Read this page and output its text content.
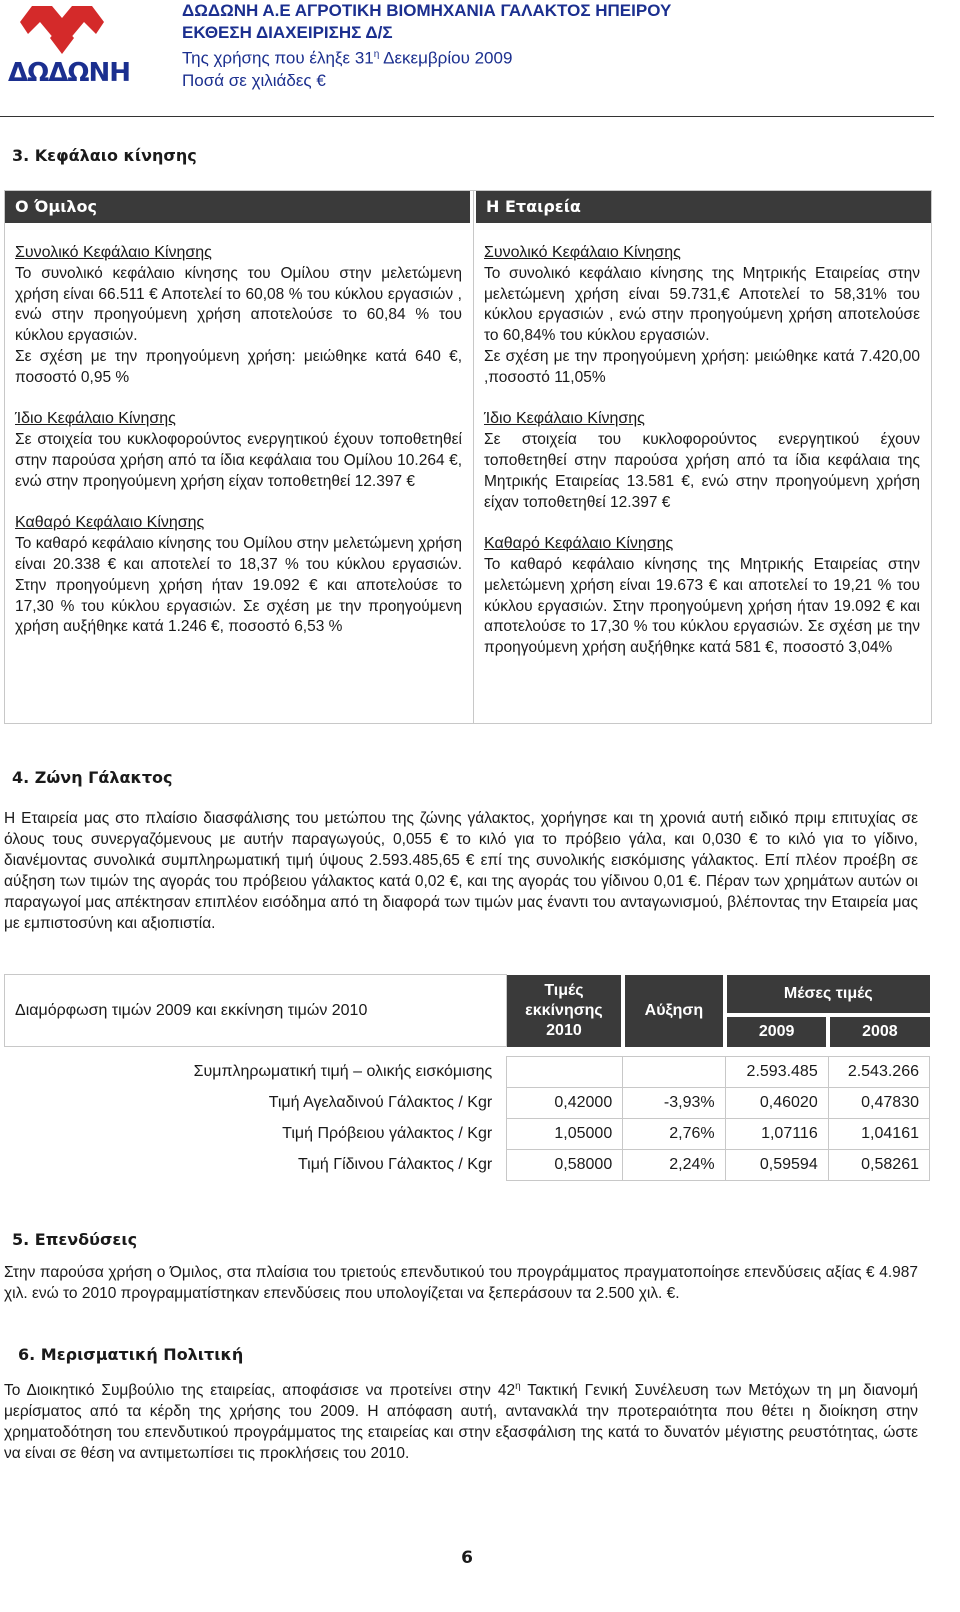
ΔΩΔΩΝΗ
ΔΩΔΩΝΗ Α.Ε ΑΓΡΟΤΙΚΗ ΒΙΟΜΗΧΑΝΙΑ ΓΑΛΑΚΤΟΣ ΗΠΕΙΡΟΥ
ΕΚΘΕΣΗ ΔΙΑΧΕΙΡΙΣΗΣ Δ/Σ
Της χρήσης που έληξε $31^\eta$ Δεκεμβρίου 2009
Ποσά σε χιλιάδες €
3. Κεφάλαιο κίνησης
Ο Όμιλος	Η Εταιρεία
Συνολικό Κεφάλαιο Κίνησης
Το συνολικό κεφάλαιο κίνησης του Ομίλου στην μελετώμενη χρήση είναι 66.511 € Αποτελεί το 60,08 % του κύκλου εργασιών , ενώ στην προηγούμενη χρήση αποτελούσε το 60,84 % του κύκλου εργασιών.

Σε σχέση με την προηγούμενη χρήση: μειώθηκε κατά 640 €, ποσοστό 0,95 %

Ίδιο Κεφάλαιο Κίνησης

Σε στοιχεία του κυκλοφορούντος ενεργητικού έχουν τοποθετηθεί στην παρούσα χρήση από τα ίδια κεφάλαια του Ομίλου 10.264 €, ενώ στην προηγούμενη χρήση είχαν τοποθετηθεί 12.397 €

Καθαρό Κεφάλαιο Κίνησης

Το καθαρό κεφάλαιο κίνησης του Ομίλου στην μελετώμενη χρήση είναι 20.338 € και αποτελεί το 18,37 % του κύκλου εργασιών. Στην προηγούμενη χρήση ήταν 19.092 € και αποτελούσε το 17,30 % του κύκλου εργασιών. Σε σχέση με την προηγούμενη χρήση αυξήθηκε κατά 1.246 €, ποσοστό 6,53 %

Συνολικό Κεφάλαιο Κίνησης
Το συνολικό κεφάλαιο κίνησης της Μητρικής Εταιρείας στην μελετώμενη χρήση είναι 59.731,€ Αποτελεί το 58,31% του κύκλου εργασιών , ενώ στην προηγούμενη χρήση αποτελούσε το 60,84% του κύκλου εργασιών.

Σε σχέση με την προηγούμενη χρήση: μειώθηκε κατά 7.420,00 ,ποσοστό 11,05%

Ίδιο Κεφάλαιο Κίνησης

Σε στοιχεία του κυκλοφορούντος ενεργητικού έχουν τοποθετηθεί στην παρούσα χρήση από τα ίδια κεφάλαια της Μητρικής Εταιρείας 13.581 €, ενώ στην προηγούμενη χρήση είχαν τοποθετηθεί 12.397 €

Καθαρό Κεφάλαιο Κίνησης

Το καθαρό κεφάλαιο κίνησης της Μητρικής Εταιρείας στην μελετώμενη χρήση είναι 19.673 € και αποτελεί το 19,21 % του κύκλου εργασιών. Στην προηγούμενη χρήση ήταν 19.092 € και αποτελούσε το 17,30 % του κύκλου εργασιών. Σε σχέση με την προηγούμενη χρήση αυξήθηκε κατά 581 €, ποσοστό 3,04%

4. Ζώνη Γάλακτος
Η Εταιρεία μας στο πλαίσιο διασφάλισης του μετώπου της ζώνης γάλακτος, χορήγησε και τη χρονιά αυτή ειδικό πριμ επιτυχίας σε όλους τους συνεργαζόμενους με αυτήν παραγωγούς, 0,055 € το κιλό για το πρόβειο γάλα, και 0,030 € το κιλό για το γίδινο, διανέμοντας συνολικά συμπληρωματική τιμή ύψους 2.593.485,65 € επί της συνολικής εισκόμισης γάλακτος. Επί πλέον προέβη σε αύξηση των τιμών της αγοράς του πρόβειου γάλακτος κατά 0,02 €, και της αγοράς του γίδινου 0,01 €. Πέραν των χρημάτων αυτών οι παραγωγοί μας απέκτησαν επιπλέον εισόδημα από τη διαφορά των τιμών μας έναντι του ανταγωνισμού, βλέποντας την Εταιρεία μας με εμπιστοσύνη και αξιοπιστία.
Διαμόρφωση τιμών 2009 και εκκίνηση τιμών 2010	Τιμές
εκκίνησης
2010	Αύξηση	Μέσες τιμές	
			2009	2008

Συμπληρωματική τιμή – ολικής εισκόμισης			2.593.485	2.543.266
Τιμή Αγελαδινού Γάλακτος / Kgr	0,42000	-3,93%	0,46020	0,47830
Τιμή Πρόβειου γάλακτος / Kgr	1,05000	2,76%	1,07116	1,04161
Τιμή Γίδινου Γάλακτος / Kgr	0,58000	2,24%	0,59594	0,58261
5. Επενδύσεις
Στην παρούσα χρήση ο Όμιλος, στα πλαίσια του τριετούς επενδυτικού του προγράμματος πραγματοποίησε επενδύσεις αξίας € 4.987 χιλ. ενώ το 2010 προγραμματίστηκαν επενδύσεις που υπολογίζεται να ξεπεράσουν τα 2.500 χιλ. €.
6. Μερισματική Πολιτική
Το Διοικητικό Συμβούλιο της εταιρείας, αποφάσισε να προτείνει στην $42^\eta$ Τακτική Γενική Συνέλευση των Μετόχων τη μη διανομή μερίσματος από τα κέρδη της χρήσης του 2009. Η απόφαση αυτή, αντανακλά την προτεραιότητα που θέτει η διοίκηση στην χρηματοδότηση του επενδυτικού προγράμματος της εταιρείας και στην εξασφάλιση της κατά το δυνατόν μέγιστης ρευστότητας, ώστε να είναι σε θέση να αντιμετωπίσει τις προκλήσεις του 2010.
6
